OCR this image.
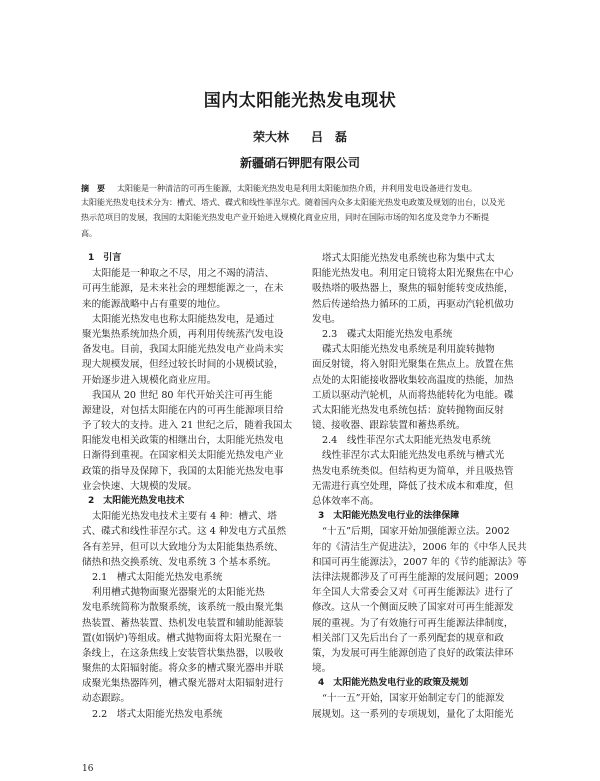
国内太阳能光热发电现状
荣大林 吕　磊
新疆硝石钾肥有限公司
摘　要 太阳能是一种清洁的可再生能源，太阳能光热发电是利用太阳能加热介质，并利用发电设备进行发电。
太阳能光热发电技术分为：槽式、塔式、碟式和线性菲涅尔式。随着国内众多太阳能光热发电政策及规划的出台，以及光
热示范项目的发展，我国的太阳能光热发电产业开始进入规模化商业应用，同时在国际市场的知名度及竞争力不断提
高。
1　引言
太阳能是一种取之不尽，用之不竭的清洁、
可再生能源，是未来社会的理想能源之一，在未
来的能源战略中占有重要的地位。
太阳能光热发电也称太阳能热发电，是通过
聚光集热系统加热介质，再利用传统蒸汽发电设
备发电。目前，我国太阳能光热发电产业尚未实
现大规模发展，但经过较长时间的小规模试验，
开始逐步进入规模化商业应用。
我国从 20 世纪 80 年代开始关注可再生能
源建设，对包括太阳能在内的可再生能源项目给
予了较大的支持。进入 21 世纪之后，随着我国太
阳能发电相关政策的相继出台，太阳能光热发电
日渐得到重视。在国家相关太阳能光热发电产业
政策的指导及保障下，我国的太阳能光热发电事
业会快速、大规模的发展。
2　太阳能光热发电技术
太阳能光热发电技术主要有 4 种：槽式、塔
式、碟式和线性菲涅尔式。这 4 种发电方式虽然
各有差异，但可以大致地分为太阳能集热系统、
储热和热交换系统、发电系统 3 个基本系统。
2.1　槽式太阳能光热发电系统
利用槽式抛物面聚光器聚光的太阳能光热
发电系统简称为散聚系统，该系统一般由聚光集
热装置、蓄热装置、热机发电装置和辅助能源装
置(如锅炉)等组成。槽式抛物面将太阳光聚在一
条线上，在这条焦线上安装管状集热器，以吸收
聚焦的太阳辐射能。将众多的槽式聚光器串并联
成聚光集热器阵列，槽式聚光器对太阳辐射进行
动态跟踪。
2.2　塔式太阳能光热发电系统
塔式太阳能光热发电系统也称为集中式太
阳能光热发电。利用定日镜将太阳光聚焦在中心
吸热塔的吸热器上，聚焦的辐射能转变成热能，
然后传递给热力循环的工质，再驱动汽轮机做功
发电。
2.3　碟式太阳能光热发电系统
碟式太阳能光热发电系统是利用旋转抛物
面反射镜，将入射阳光聚集在焦点上。放置在焦
点处的太阳能接收器收集较高温度的热能，加热
工质以驱动汽轮机，从而将热能转化为电能。碟
式太阳能光热发电系统包括：旋转抛物面反射
镜、接收器、跟踪装置和蓄热系统。
2.4　线性菲涅尔式太阳能光热发电系统
线性菲涅尔式太阳能光热发电系统与槽式光
热发电系统类似。但结构更为简单，并且吸热管
无需进行真空处理，降低了技术成本和难度，但
总体效率不高。
3　太阳能光热发电行业的法律保障
“十五”后期，国家开始加强能源立法。2002
年的《清洁生产促进法》，2006 年的《中华人民共
和国可再生能源法》，2007 年的《节约能源法》等
法律法规都涉及了可再生能源的发展问题；2009
年全国人大常委会又对《可再生能源法》进行了
修改。这从一个侧面反映了国家对可再生能源发
展的重视。为了有效施行可再生能源法律制度，
相关部门又先后出台了一系列配套的规章和政
策，为发展可再生能源创造了良好的政策法律环
境。
4　太阳能光热发电行业的政策及规划
“十一五”开始，国家开始制定专门的能源发
展规划。这一系列的专项规划，量化了太阳能光
16
